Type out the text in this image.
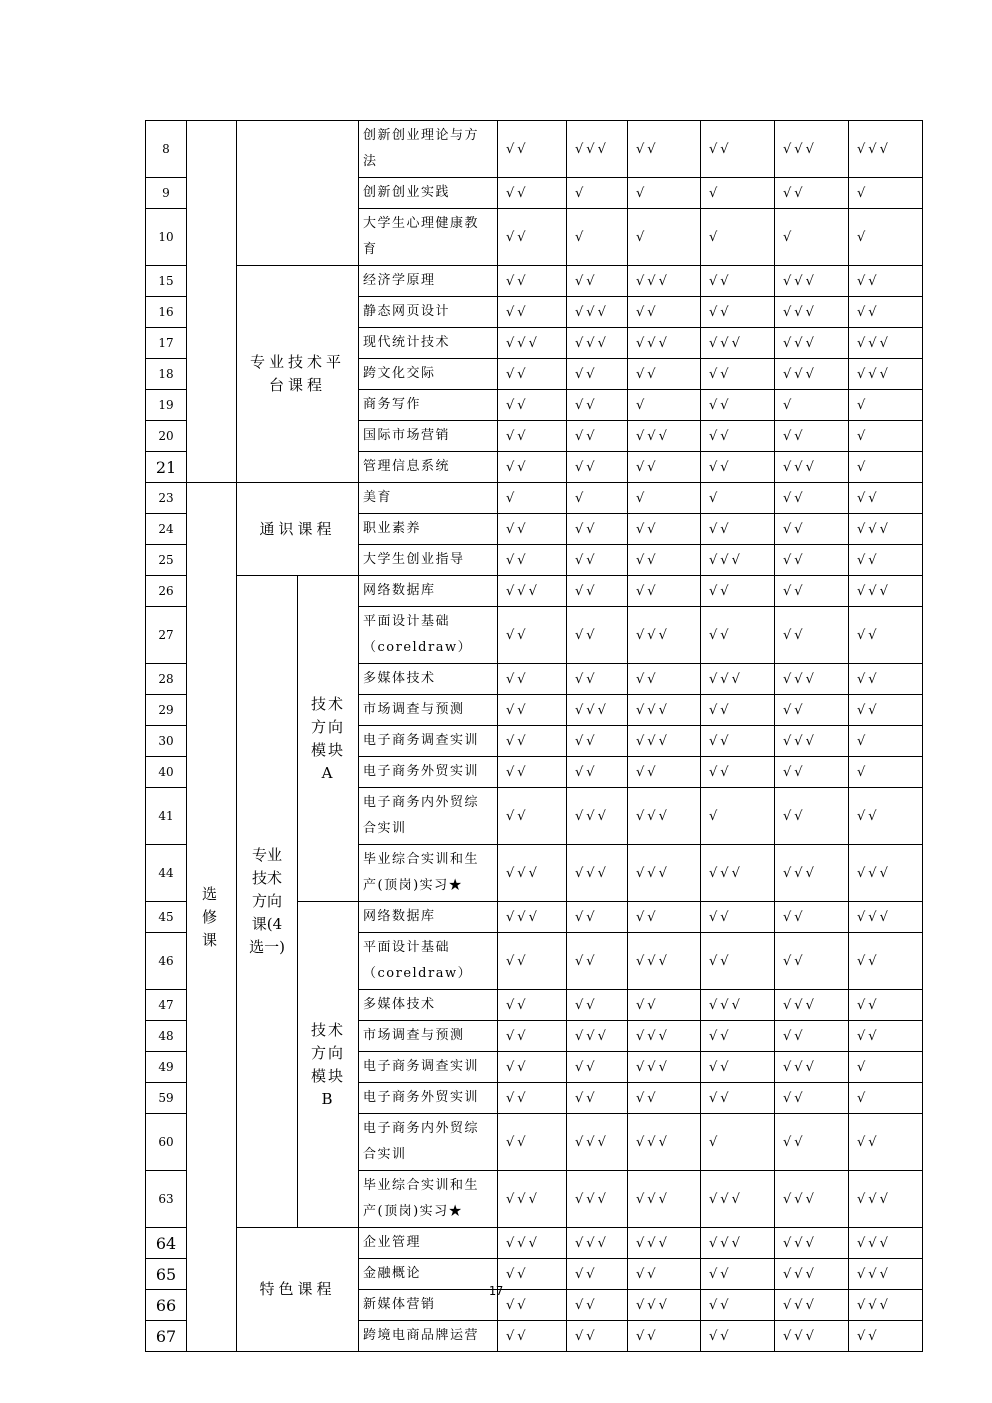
8				创新创业理论与方法	√√	√√√	√√	√√	√√√	√√√
9				创新创业实践	√√	√	√	√	√√	√
10				大学生心理健康教育	√√	√	√	√	√	√
15		专业技术平台课程		经济学原理	√√	√√	√√√	√√	√√√	√√
16				静态网页设计	√√	√√√	√√	√√	√√√	√√
17				现代统计技术	√√√	√√√	√√√	√√√	√√√	√√√
18				跨文化交际	√√	√√	√√	√√	√√√	√√√
19				商务写作	√√	√√	√	√√	√	√
20				国际市场营销	√√	√√	√√√	√√	√√	√
21				管理信息系统	√√	√√	√√	√√	√√√	√
23	选修课	通识课程		美育	√	√	√	√	√√	√√
24				职业素养	√√	√√	√√	√√	√√	√√√
25				大学生创业指导	√√	√√	√√	√√√	√√	√√
26		专业技术方向课(4选一)	技术方向模块A	网络数据库	√√√	√√	√√	√√	√√	√√√
27				平面设计基础（coreldraw）	√√	√√	√√√	√√	√√	√√
28				多媒体技术	√√	√√	√√	√√√	√√√	√√
29				市场调查与预测	√√	√√√	√√√	√√	√√	√√
30				电子商务调查实训	√√	√√	√√√	√√	√√√	√
40				电子商务外贸实训	√√	√√	√√	√√	√√	√
41				电子商务内外贸综合实训	√√	√√√	√√√	√	√√	√√
44				毕业综合实训和生产(顶岗)实习★	√√√	√√√	√√√	√√√	√√√	√√√
45			技术方向模块B	网络数据库	√√√	√√	√√	√√	√√	√√√
46				平面设计基础（coreldraw）	√√	√√	√√√	√√	√√	√√
47				多媒体技术	√√	√√	√√	√√√	√√√	√√
48				市场调查与预测	√√	√√√	√√√	√√	√√	√√
49				电子商务调查实训	√√	√√	√√√	√√	√√√	√
59				电子商务外贸实训	√√	√√	√√	√√	√√	√
60				电子商务内外贸综合实训	√√	√√√	√√√	√	√√	√√
63				毕业综合实训和生产(顶岗)实习★	√√√	√√√	√√√	√√√	√√√	√√√
64		特色课程		企业管理	√√√	√√√	√√√	√√√	√√√	√√√
65				金融概论	√√	√√	√√	√√	√√√	√√√
66				新媒体营销	√√	√√	√√√	√√	√√√	√√√
67				跨境电商品牌运营	√√	√√	√√	√√	√√√	√√
17
